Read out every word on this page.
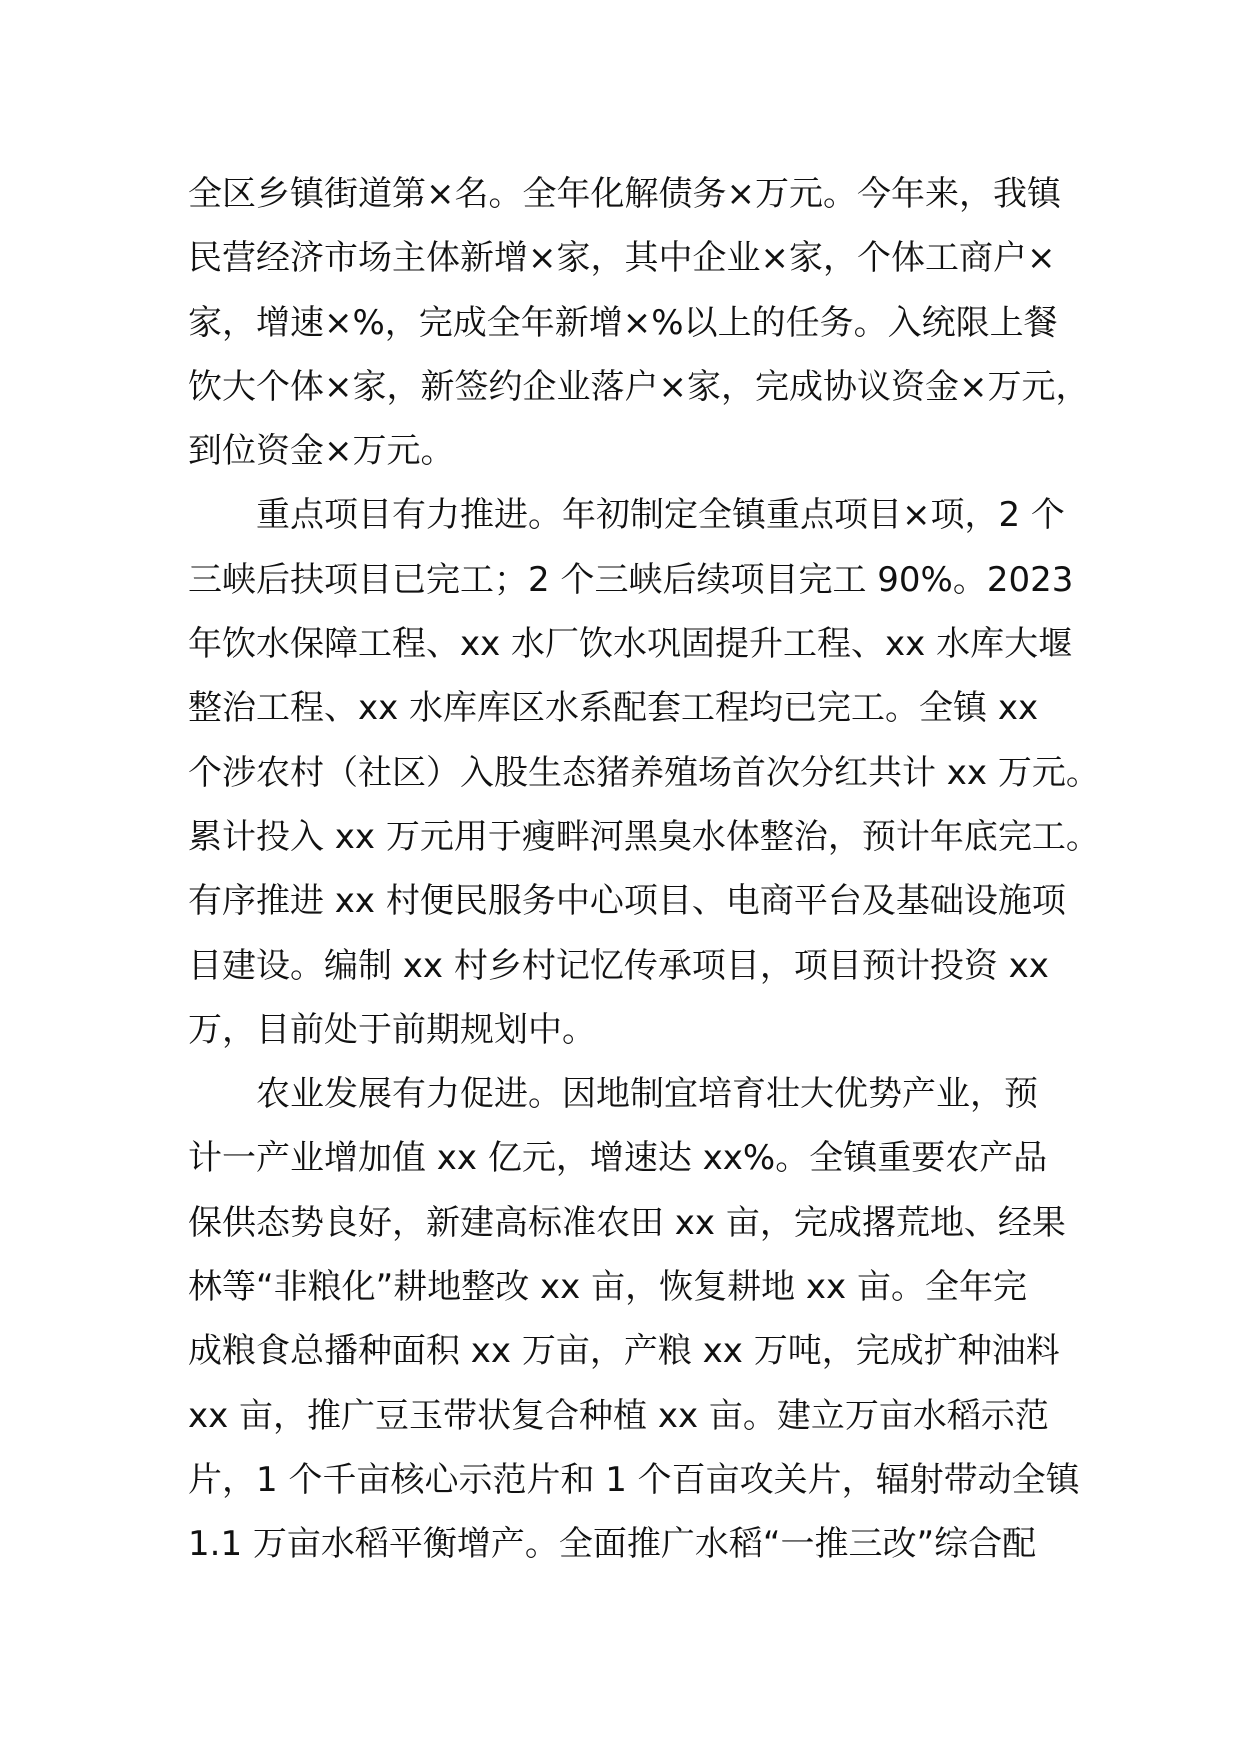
全区乡镇街道第×名。全年化解债务×万元。今年来，我镇
民营经济市场主体新增×家，其中企业×家，个体工商户×
家，增速×%，完成全年新增×%以上的任务。入统限上餐
饮大个体×家，新签约企业落户×家，完成协议资金×万元，
到位资金×万元。
重点项目有力推进。年初制定全镇重点项目×项，2 个
三峡后扶项目已完工；2 个三峡后续项目完工 90%。2023
年饮水保障工程、xx 水厂饮水巩固提升工程、xx 水库大堰
整治工程、xx 水库库区水系配套工程均已完工。全镇 xx
个涉农村（社区）入股生态猪养殖场首次分红共计 xx 万元。
累计投入 xx 万元用于瘦畔河黑臭水体整治，预计年底完工。
有序推进 xx 村便民服务中心项目、电商平台及基础设施项
目建设。编制 xx 村乡村记忆传承项目，项目预计投资 xx
万，目前处于前期规划中。
农业发展有力促进。因地制宜培育壮大优势产业，预
计一产业增加值 xx 亿元，增速达 xx%。全镇重要农产品
保供态势良好，新建高标准农田 xx 亩，完成撂荒地、经果
林等“非粮化”耕地整改 xx 亩，恢复耕地 xx 亩。全年完
成粮食总播种面积 xx 万亩，产粮 xx 万吨，完成扩种油料
xx 亩，推广豆玉带状复合种植 xx 亩。建立万亩水稻示范
片，1 个千亩核心示范片和 1 个百亩攻关片，辐射带动全镇
1.1 万亩水稻平衡增产。全面推广水稻“一推三改”综合配
